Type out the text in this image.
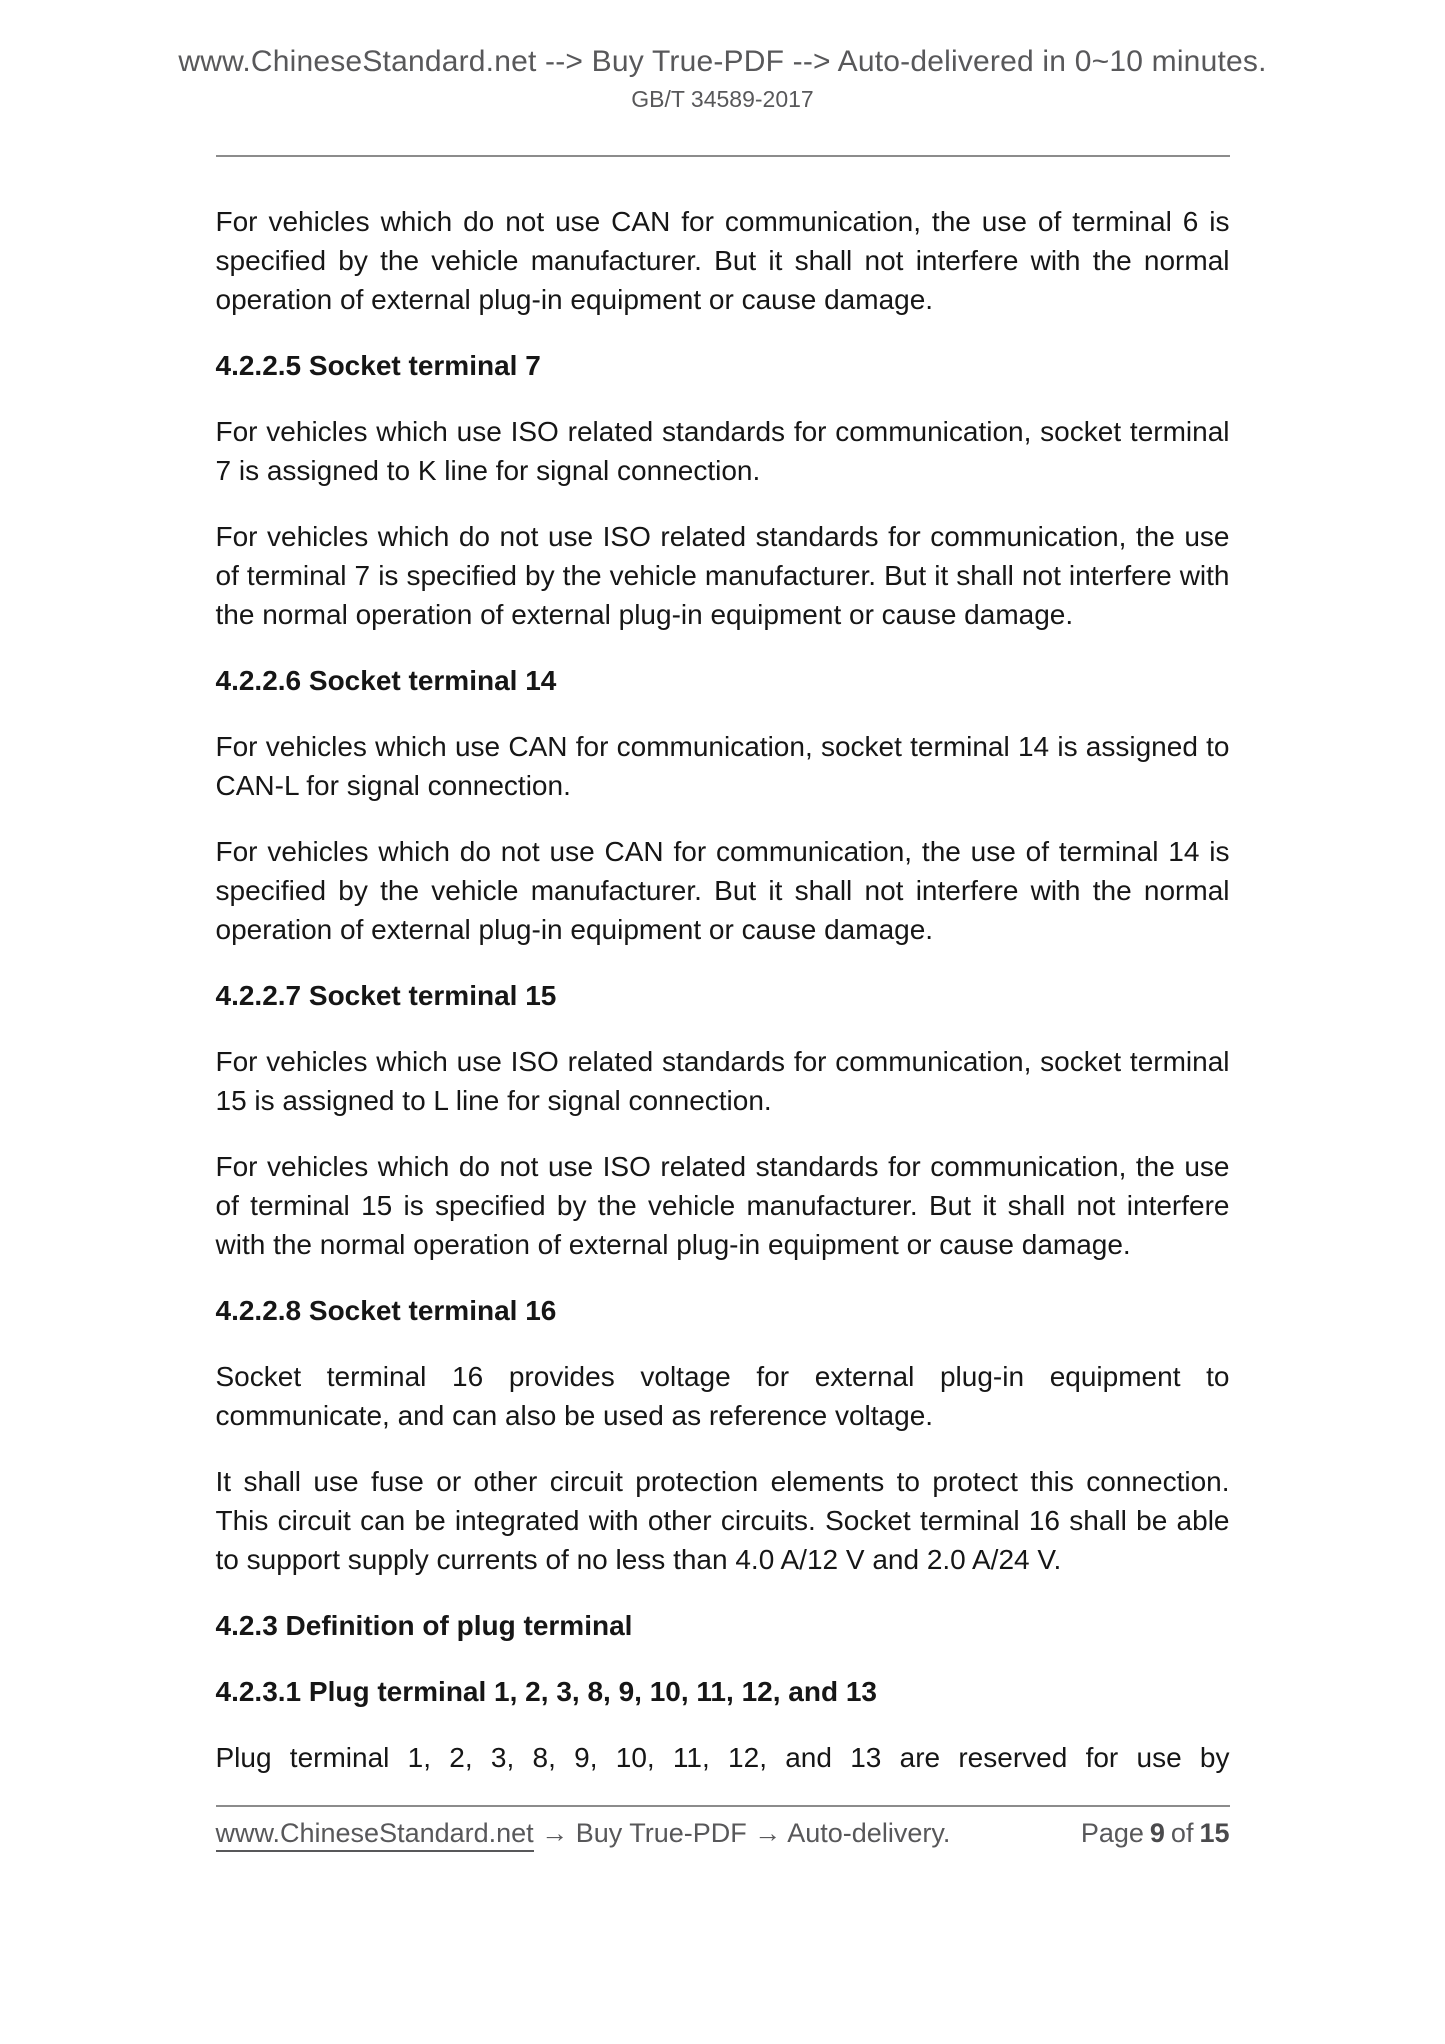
www.ChineseStandard.net --> Buy True-PDF --> Auto-delivered in 0~10 minutes.
GB/T 34589-2017
For vehicles which do not use CAN for communication, the use of terminal 6 is specified by the vehicle manufacturer. But it shall not interfere with the normal operation of external plug-in equipment or cause damage.
4.2.2.5 Socket terminal 7
For vehicles which use ISO related standards for communication, socket terminal 7 is assigned to K line for signal connection.
For vehicles which do not use ISO related standards for communication, the use of terminal 7 is specified by the vehicle manufacturer. But it shall not interfere with the normal operation of external plug-in equipment or cause damage.
4.2.2.6 Socket terminal 14
For vehicles which use CAN for communication, socket terminal 14 is assigned to CAN-L for signal connection.
For vehicles which do not use CAN for communication, the use of terminal 14 is specified by the vehicle manufacturer. But it shall not interfere with the normal operation of external plug-in equipment or cause damage.
4.2.2.7 Socket terminal 15
For vehicles which use ISO related standards for communication, socket terminal 15 is assigned to L line for signal connection.
For vehicles which do not use ISO related standards for communication, the use of terminal 15 is specified by the vehicle manufacturer. But it shall not interfere with the normal operation of external plug-in equipment or cause damage.
4.2.2.8 Socket terminal 16
Socket terminal 16 provides voltage for external plug-in equipment to communicate, and can also be used as reference voltage.
It shall use fuse or other circuit protection elements to protect this connection. This circuit can be integrated with other circuits. Socket terminal 16 shall be able to support supply currents of no less than 4.0 A/12 V and 2.0 A/24 V.
4.2.3 Definition of plug terminal
4.2.3.1 Plug terminal 1, 2, 3, 8, 9, 10, 11, 12, and 13
Plug terminal 1, 2, 3, 8, 9, 10, 11, 12, and 13 are reserved for use by
www.ChineseStandard.net → Buy True-PDF → Auto-delivery.	Page 9 of 15
